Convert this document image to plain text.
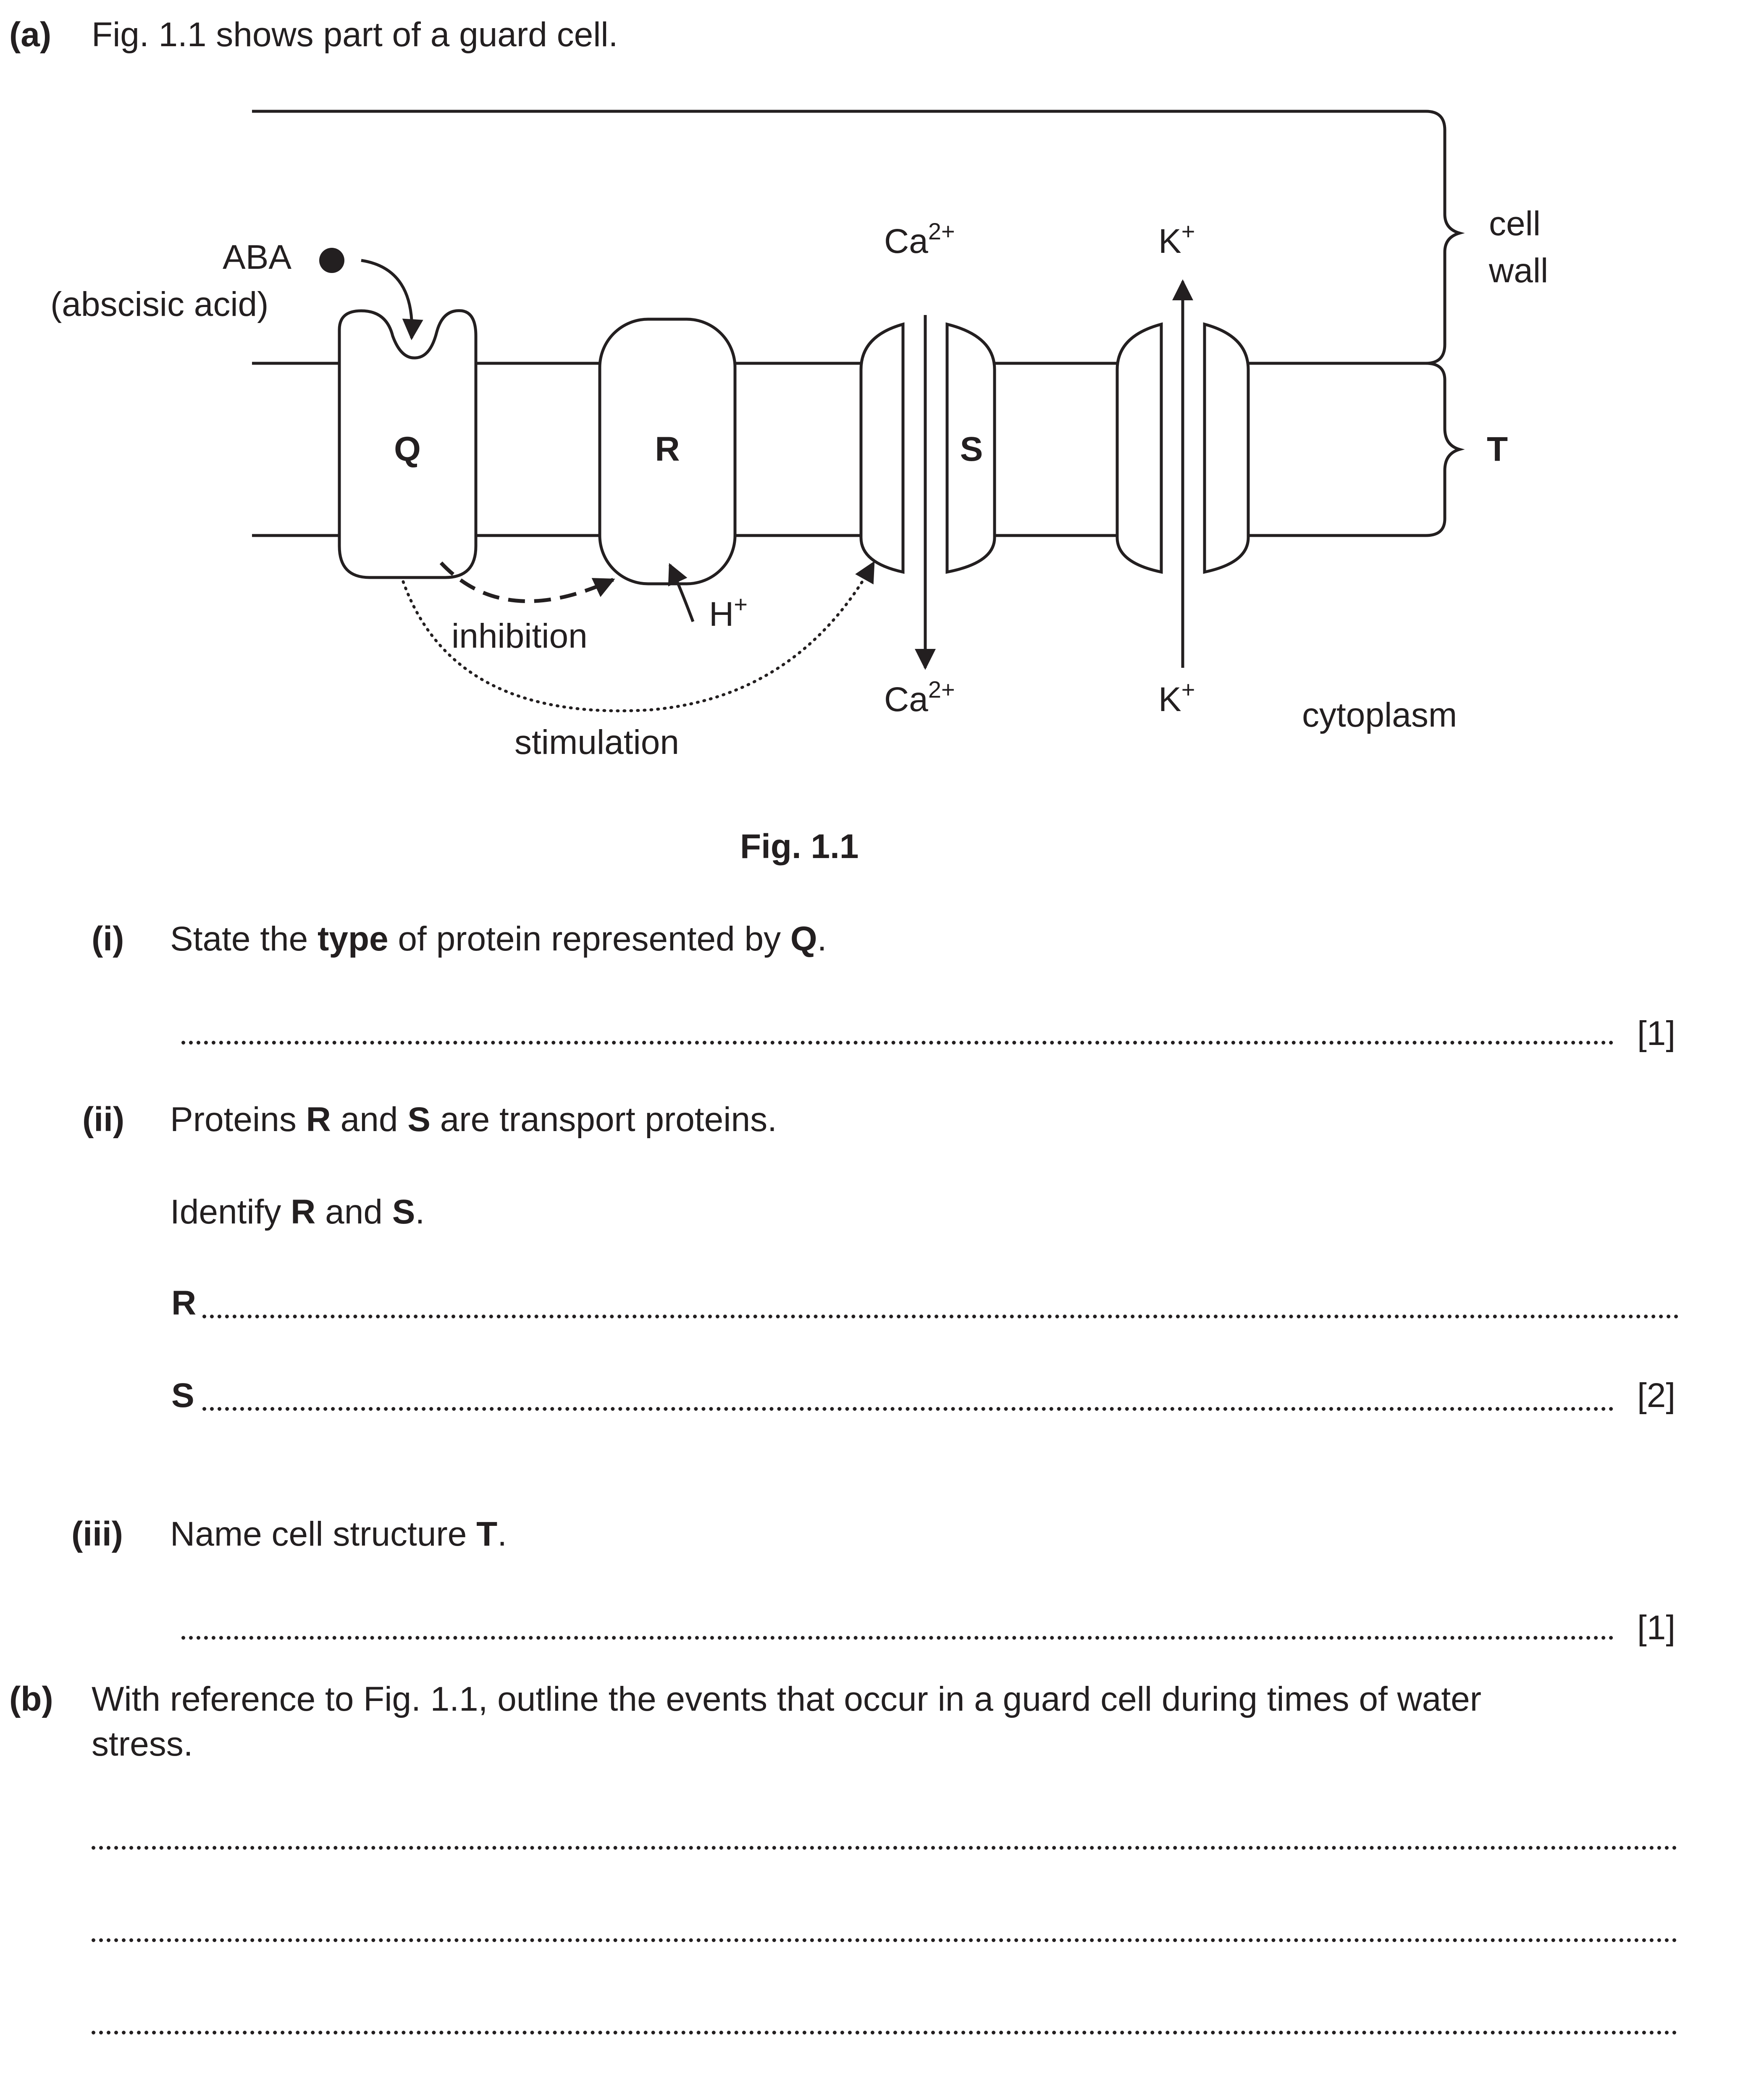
(a) Fig. 1.1 shows part of a guard cell.
ABA
(abscisic acid)
Q	R	S	T
cell
wall
$Ca^{2+}$
$Ca^{2+}$
K+
K+
H+
inhibition
stimulation
cytoplasm
Fig. 1.1
(i) State the type of protein represented by Q.
[1]
(ii) Proteins R and S are transport proteins.
Identify R and S.
R
S	[2]
(iii) Name cell structure T.
[1]
(b) With reference to Fig. 1.1, outline the events that occur in a guard cell during times of water
stress.
